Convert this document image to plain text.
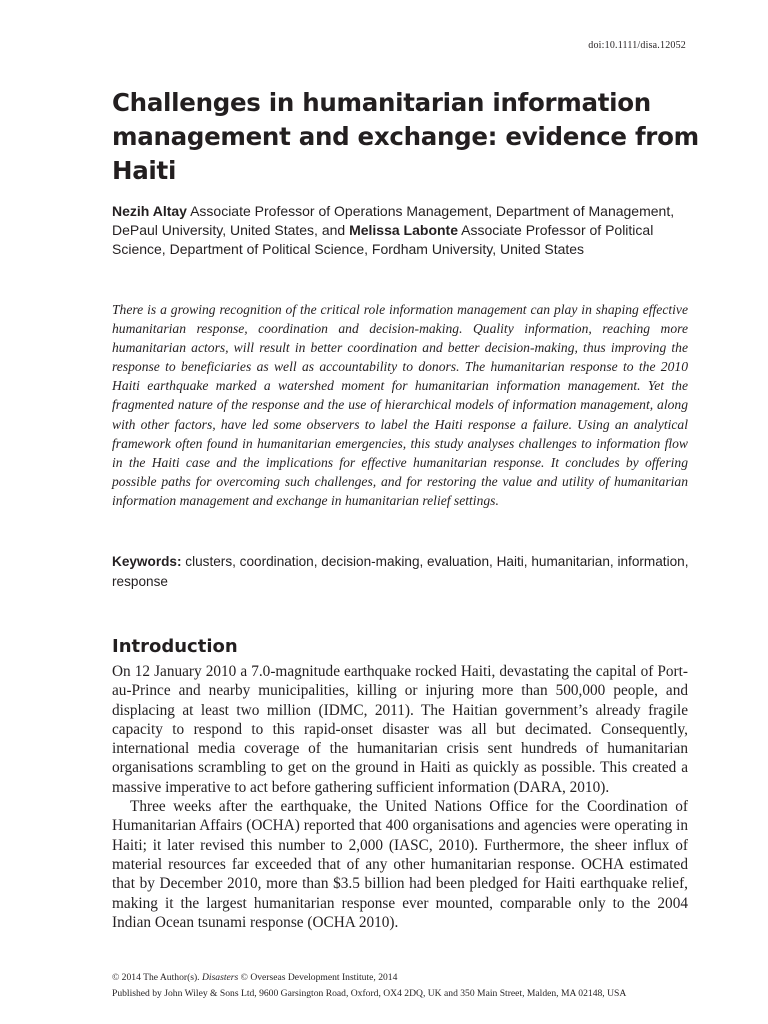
doi:10.1111/disa.12052
Challenges in humanitarian information management and exchange: evidence from Haiti

Nezih Altay Associate Professor of Operations Management, Department of Management, DePaul University, United States, and Melissa Labonte Associate Professor of Political Science, Department of Political Science, Fordham University, United States

There is a growing recognition of the critical role information management can play in shaping effective humanitarian response, coordination and decision-making. Quality information, reaching more humanitarian actors, will result in better coordination and better decision-making, thus improving the response to beneficiaries as well as accountability to donors. The humanitarian response to the 2010 Haiti earthquake marked a watershed moment for humanitarian information management. Yet the fragmented nature of the response and the use of hierarchical models of information management, along with other factors, have led some observers to label the Haiti response a failure. Using an analytical framework often found in humanitarian emergencies, this study analyses challenges to information flow in the Haiti case and the implications for effective humanitarian response. It concludes by offering possible paths for overcoming such challenges, and for restoring the value and utility of humanitarian information management and exchange in humanitarian relief settings.

Keywords: clusters, coordination, decision-making, evaluation, Haiti, humanitarian, information, response

Introduction

On 12 January 2010 a 7.0-magnitude earthquake rocked Haiti, devastating the capital of Port-au-Prince and nearby municipalities, killing or injuring more than 500,000 people, and displacing at least two million (IDMC, 2011). The Haitian government’s already fragile capacity to respond to this rapid-onset disaster was all but decimated. Consequently, international media coverage of the humanitarian crisis sent hundreds of humanitarian organisations scrambling to get on the ground in Haiti as quickly as possible. This created a massive imperative to act before gathering sufficient information (DARA, 2010).

Three weeks after the earthquake, the United Nations Office for the Coordination of Humanitarian Affairs (OCHA) reported that 400 organisations and agencies were operating in Haiti; it later revised this number to 2,000 (IASC, 2010). Furthermore, the sheer influx of material resources far exceeded that of any other humanitarian response. OCHA estimated that by December 2010, more than $3.5 billion had been pledged for Haiti earthquake relief, making it the largest humanitarian response ever mounted, comparable only to the 2004 Indian Ocean tsunami response (OCHA 2010).

© 2014 The Author(s). Disasters © Overseas Development Institute, 2014
Published by John Wiley & Sons Ltd, 9600 Garsington Road, Oxford, OX4 2DQ, UK and 350 Main Street, Malden, MA 02148, USA
